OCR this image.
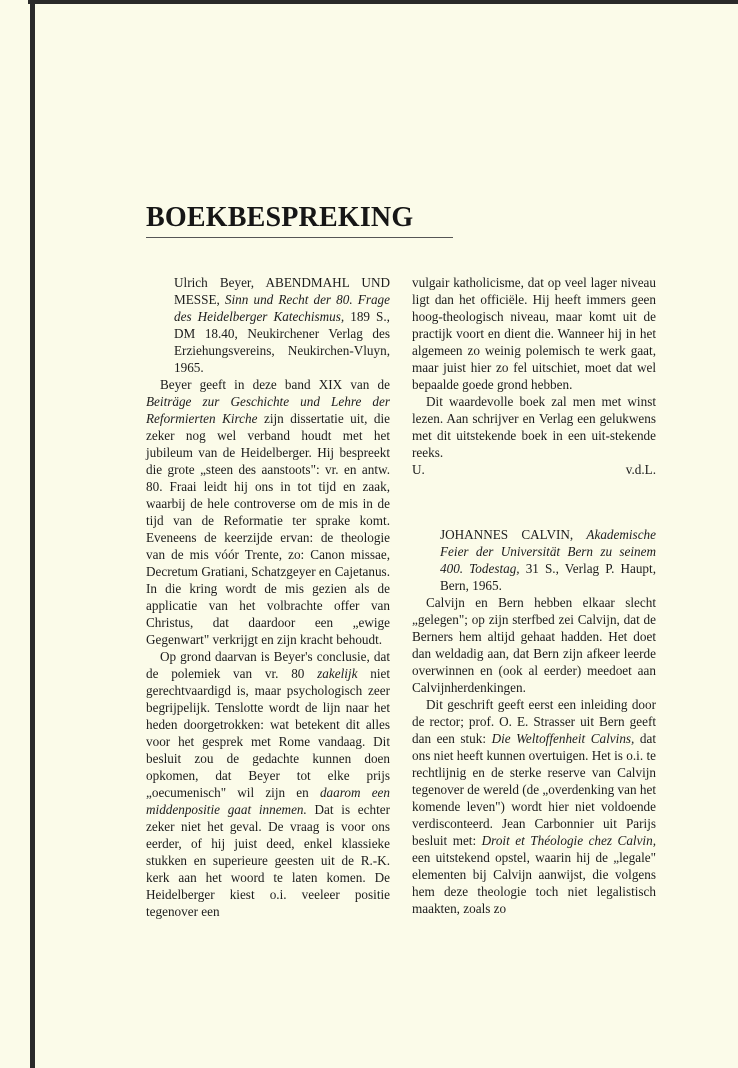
BOEKBESPREKING

Ulrich Beyer, ABENDMAHL UND MESSE, Sinn und Recht der 80. Frage des Heidelberger Katechismus, 189 S., DM 18.40, Neukirchener Verlag des Erziehungsvereins, Neukirchen-Vluyn, 1965.

Beyer geeft in deze band XIX van de Beiträge zur Geschichte und Lehre der Reformierten Kirche zijn dissertatie uit, die zeker nog wel verband houdt met het jubileum van de Heidelberger. Hij bespreekt die grote „steen des aanstoots": vr. en antw. 80. Fraai leidt hij ons in tot tijd en zaak, waarbij de hele controverse om de mis in de tijd van de Reformatie ter sprake komt. Eveneens de keerzijde ervan: de theologie van de mis vóór Trente, zo: Canon missae, Decretum Gratiani, Schatzgeyer en Cajetanus. In die kring wordt de mis gezien als de applicatie van het volbrachte offer van Christus, dat daardoor een „ewige Gegenwart" verkrijgt en zijn kracht behoudt.

Op grond daarvan is Beyer's conclusie, dat de polemiek van vr. 80 zakelijk niet gerechtvaardigd is, maar psychologisch zeer begrijpelijk. Tenslotte wordt de lijn naar het heden doorgetrokken: wat betekent dit alles voor het gesprek met Rome vandaag. Dit besluit zou de gedachte kunnen doen opkomen, dat Beyer tot elke prijs „oecumenisch" wil zijn en daarom een middenpositie gaat innemen. Dat is echter zeker niet het geval. De vraag is voor ons eerder, of hij juist deed, enkel klassieke stukken en superieure geesten uit de R.-K. kerk aan het woord te laten komen. De Heidelberger kiest o.i. veeleer positie tegenover een

vulgair katholicisme, dat op veel lager niveau ligt dan het officiële. Hij heeft immers geen hoog-theologisch niveau, maar komt uit de practijk voort en dient die. Wanneer hij in het algemeen zo weinig polemisch te werk gaat, maar juist hier zo fel uitschiet, moet dat wel bepaalde goede grond hebben.

Dit waardevolle boek zal men met winst lezen. Aan schrijver en Verlag een gelukwens met dit uitstekende boek in een uit-stekende reeks.

U.	v.d.L.

JOHANNES CALVIN, Akademische Feier der Universität Bern zu seinem 400. Todestag, 31 S., Verlag P. Haupt, Bern, 1965.

Calvijn en Bern hebben elkaar slecht „gelegen"; op zijn sterfbed zei Calvijn, dat de Berners hem altijd gehaat hadden. Het doet dan weldadig aan, dat Bern zijn afkeer leerde overwinnen en (ook al eerder) meedoet aan Calvijnherdenkingen.

Dit geschrift geeft eerst een inleiding door de rector; prof. O. E. Strasser uit Bern geeft dan een stuk: Die Weltoffenheit Calvins, dat ons niet heeft kunnen overtuigen. Het is o.i. te rechtlijnig en de sterke reserve van Calvijn tegenover de wereld (de „overdenking van het komende leven") wordt hier niet voldoende verdisconteerd. Jean Carbonnier uit Parijs besluit met: Droit et Théologie chez Calvin, een uitstekend opstel, waarin hij de „legale" elementen bij Calvijn aanwijst, die volgens hem deze theologie toch niet legalistisch maakten, zoals zo
